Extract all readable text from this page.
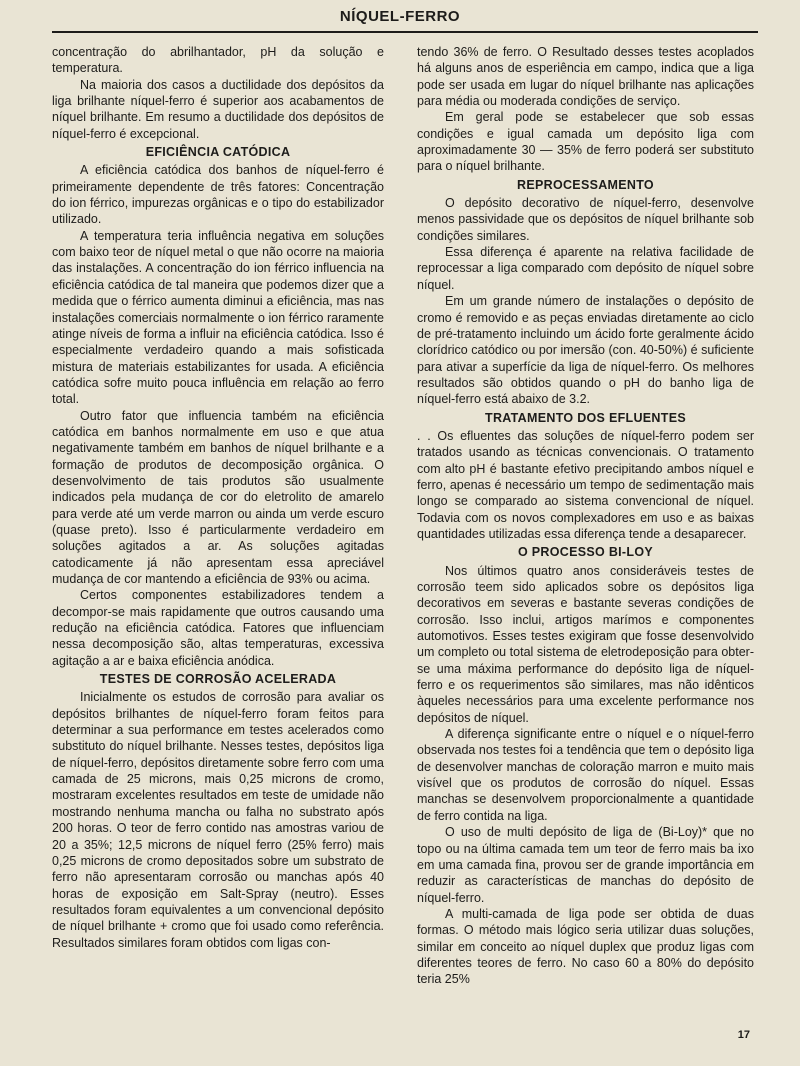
NÍQUEL-FERRO

concentração do abrilhantador, pH da solução e temperatura.

Na maioria dos casos a ductilidade dos depósitos da liga brilhante níquel-ferro é superior aos acabamentos de níquel brilhante. Em resumo a ductilidade dos depósitos de níquel-ferro é excepcional.

EFICIÊNCIA CATÓDICA

A eficiência catódica dos banhos de níquel-ferro é primeiramente dependente de três fatores: Concentração do ion férrico, impurezas orgânicas e o tipo do estabilizador utilizado.

A temperatura teria influência negativa em soluções com baixo teor de níquel metal o que não ocorre na maioria das instalações. A concentração do ion férrico influencia na eficiência catódica de tal maneira que podemos dizer que a medida que o férrico aumenta diminui a eficiência, mas nas instalações comerciais normalmente o ion férrico raramente atinge níveis de forma a influir na eficiência catódica. Isso é especialmente verdadeiro quando a mais sofisticada mistura de materiais estabilizantes for usada. A eficiência catódica sofre muito pouca influência em relação ao ferro total.

Outro fator que influencia também na eficiência catódica em banhos normalmente em uso e que atua negativamente também em banhos de níquel brilhante e a formação de produtos de decomposição orgânica. O desenvolvimento de tais produtos são usualmente indicados pela mudança de cor do eletrolito de amarelo para verde até um verde marron ou ainda um verde escuro (quase preto). Isso é particularmente verdadeiro em soluções agitados a ar. As soluções agitadas catodicamente já não apresentam essa apreciável mudança de cor mantendo a eficiência de 93% ou acima.

Certos componentes estabilizadores tendem a decompor-se mais rapidamente que outros causando uma redução na eficiência catódica. Fatores que influenciam nessa decomposição são, altas temperaturas, excessiva agitação a ar e baixa eficiência anódica.

TESTES DE CORROSÃO ACELERADA

Inicialmente os estudos de corrosão para avaliar os depósitos brilhantes de níquel-ferro foram feitos para determinar a sua performance em testes acelerados como substituto do níquel brilhante. Nesses testes, depósitos liga de níquel-ferro, depósitos diretamente sobre ferro com uma camada de 25 microns, mais 0,25 microns de cromo, mostraram excelentes resultados em teste de umidade não mostrando nenhuma mancha ou falha no substrato após 200 horas. O teor de ferro contido nas amostras variou de 20 a 35%; 12,5 microns de níquel ferro (25% ferro) mais 0,25 microns de cromo depositados sobre um substrato de ferro não apresentaram corrosão ou manchas após 40 horas de exposição em Salt-Spray (neutro). Esses resultados foram equivalentes a um convencional depósito de níquel brilhante + cromo que foi usado como referência. Resultados similares foram obtidos com ligas con-

tendo 36% de ferro. O Resultado desses testes acoplados há alguns anos de esperiência em campo, indica que a liga pode ser usada em lugar do níquel brilhante nas aplicações para média ou moderada condições de serviço.

Em geral pode se estabelecer que sob essas condições e igual camada um depósito liga com aproximadamente 30 — 35% de ferro poderá ser substituto para o níquel brilhante.

REPROCESSAMENTO

O depósito decorativo de níquel-ferro, desenvolve menos passividade que os depósitos de níquel brilhante sob condições similares.

Essa diferença é aparente na relativa facilidade de reprocessar a liga comparado com depósito de níquel sobre níquel.

Em um grande número de instalações o depósito de cromo é removido e as peças enviadas diretamente ao ciclo de pré-tratamento incluindo um ácido forte geralmente ácido clorídrico catódico ou por imersão (con. 40-50%) é suficiente para ativar a superfície da liga de níquel-ferro. Os melhores resultados são obtidos quando o pH do banho liga de níquel-ferro está abaixo de 3.2.

TRATAMENTO DOS EFLUENTES

. . Os efluentes das soluções de níquel-ferro podem ser tratados usando as técnicas convencionais. O tratamento com alto pH é bastante efetivo precipitando ambos níquel e ferro, apenas é necessário um tempo de sedimentação mais longo se comparado ao sistema convencional de níquel. Todavia com os novos complexadores em uso e as baixas quantidades utilizadas essa diferença tende a desaparecer.

O PROCESSO BI-LOY

Nos últimos quatro anos consideráveis testes de corrosão teem sido aplicados sobre os depósitos liga decorativos em severas e bastante severas condições de corrosão. Isso inclui, artigos marímos e componentes automotivos. Esses testes exigiram que fosse desenvolvido um completo ou total sistema de eletrodeposição para obter-se uma máxima performance do depósito liga de níquel-ferro e os requerimentos são similares, mas não idênticos àqueles necessários para uma excelente performance nos depósitos de níquel.

A diferença significante entre o níquel e o níquel-ferro observada nos testes foi a tendência que tem o depósito liga de desenvolver manchas de coloração marron e muito mais visível que os produtos de corrosão do níquel. Essas manchas se desenvolvem proporcionalmente a quantidade de ferro contida na liga.

O uso de multi depósito de liga de (Bi-Loy)* que no topo ou na última camada tem um teor de ferro mais ba ixo em uma camada fina, provou ser de grande importância em reduzir as características de manchas do depósito de níquel-ferro.

A multi-camada de liga pode ser obtida de duas formas. O método mais lógico seria utilizar duas soluções, similar em conceito ao níquel duplex que produz ligas com diferentes teores de ferro. No caso 60 a 80% do depósito teria 25%

17
